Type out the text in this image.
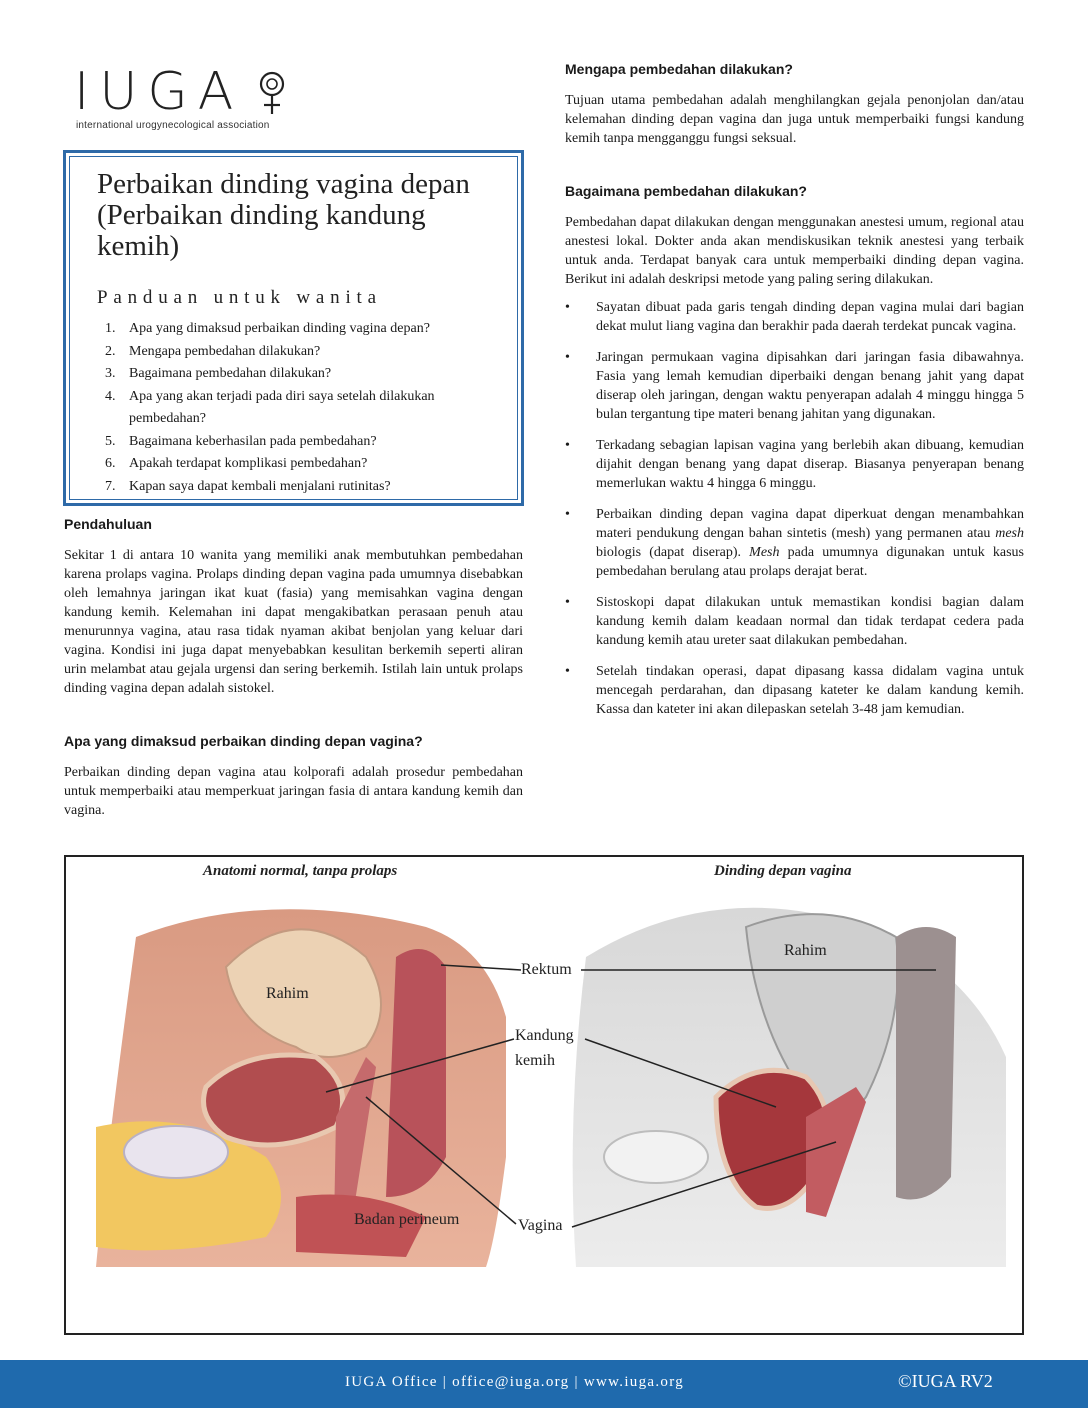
IUGA
international urogynecological association
Perbaikan dinding vagina depan (Perbaikan dinding kandung kemih)
Panduan untuk wanita
1. Apa yang dimaksud perbaikan dinding vagina depan?
2. Mengapa pembedahan dilakukan?
3. Bagaimana pembedahan dilakukan?
4. Apa yang akan terjadi pada diri saya setelah dilakukan pembedahan?
5. Bagaimana keberhasilan pada pembedahan?
6. Apakah terdapat komplikasi pembedahan?
7. Kapan saya dapat kembali menjalani rutinitas?
Pendahuluan

Sekitar 1 di antara 10 wanita yang memiliki anak membutuhkan pembedahan karena prolaps vagina. Prolaps dinding depan vagina pada umumnya disebabkan oleh lemahnya jaringan ikat kuat (fasia) yang memisahkan vagina dengan kandung kemih. Kelemahan ini dapat mengakibatkan perasaan penuh atau menurunnya vagina, atau rasa tidak nyaman akibat benjolan yang keluar dari vagina. Kondisi ini juga dapat menyebabkan kesulitan berkemih seperti aliran urin melambat atau gejala urgensi dan sering berkemih. Istilah lain untuk prolaps dinding vagina depan adalah sistokel.

Apa yang dimaksud perbaikan dinding depan vagina?

Perbaikan dinding depan vagina atau kolporafi adalah prosedur pembedahan untuk memperbaiki atau memperkuat jaringan fasia di antara kandung kemih dan vagina.

Mengapa pembedahan dilakukan?

Tujuan utama pembedahan adalah menghilangkan gejala penonjolan dan/atau kelemahan dinding depan vagina dan juga untuk memperbaiki fungsi kandung kemih tanpa mengganggu fungsi seksual.

Bagaimana pembedahan dilakukan?

Pembedahan dapat dilakukan dengan menggunakan anestesi umum, regional atau anestesi lokal. Dokter anda akan mendiskusikan teknik anestesi yang terbaik untuk anda. Terdapat banyak cara untuk memperbaiki dinding depan vagina. Berikut ini adalah deskripsi metode yang paling sering dilakukan.

• Sayatan dibuat pada garis tengah dinding depan vagina mulai dari bagian dekat mulut liang vagina dan berakhir pada daerah terdekat puncak vagina.
• Jaringan permukaan vagina dipisahkan dari jaringan fasia dibawahnya. Fasia yang lemah kemudian diperbaiki dengan benang jahit yang dapat diserap oleh jaringan, dengan waktu penyerapan adalah 4 minggu hingga 5 bulan tergantung tipe materi benang jahitan yang digunakan.
• Terkadang sebagian lapisan vagina yang berlebih akan dibuang, kemudian dijahit dengan benang yang dapat diserap. Biasanya penyerapan benang memerlukan waktu 4 hingga 6 minggu.
• Perbaikan dinding depan vagina dapat diperkuat dengan menambahkan materi pendukung dengan bahan sintetis (mesh) yang permanen atau mesh biologis (dapat diserap). Mesh pada umumnya digunakan untuk kasus pembedahan berulang atau prolaps derajat berat.
• Sistoskopi dapat dilakukan untuk memastikan kondisi bagian dalam kandung kemih dalam keadaan normal dan tidak terdapat cedera pada kandung kemih atau ureter saat dilakukan pembedahan.
• Setelah tindakan operasi, dapat dipasang kassa didalam vagina untuk mencegah perdarahan, dan dipasang kateter ke dalam kandung kemih. Kassa dan kateter ini akan dilepaskan setelah 3-48 jam kemudian.
Anatomi normal, tanpa prolaps	Dinding depan vagina
Rahim
Rahim
Rektum
Kandung
kemih
Badan perineum	Vagina
IUGA Office | office@iuga.org | www.iuga.org	©IUGA RV2
